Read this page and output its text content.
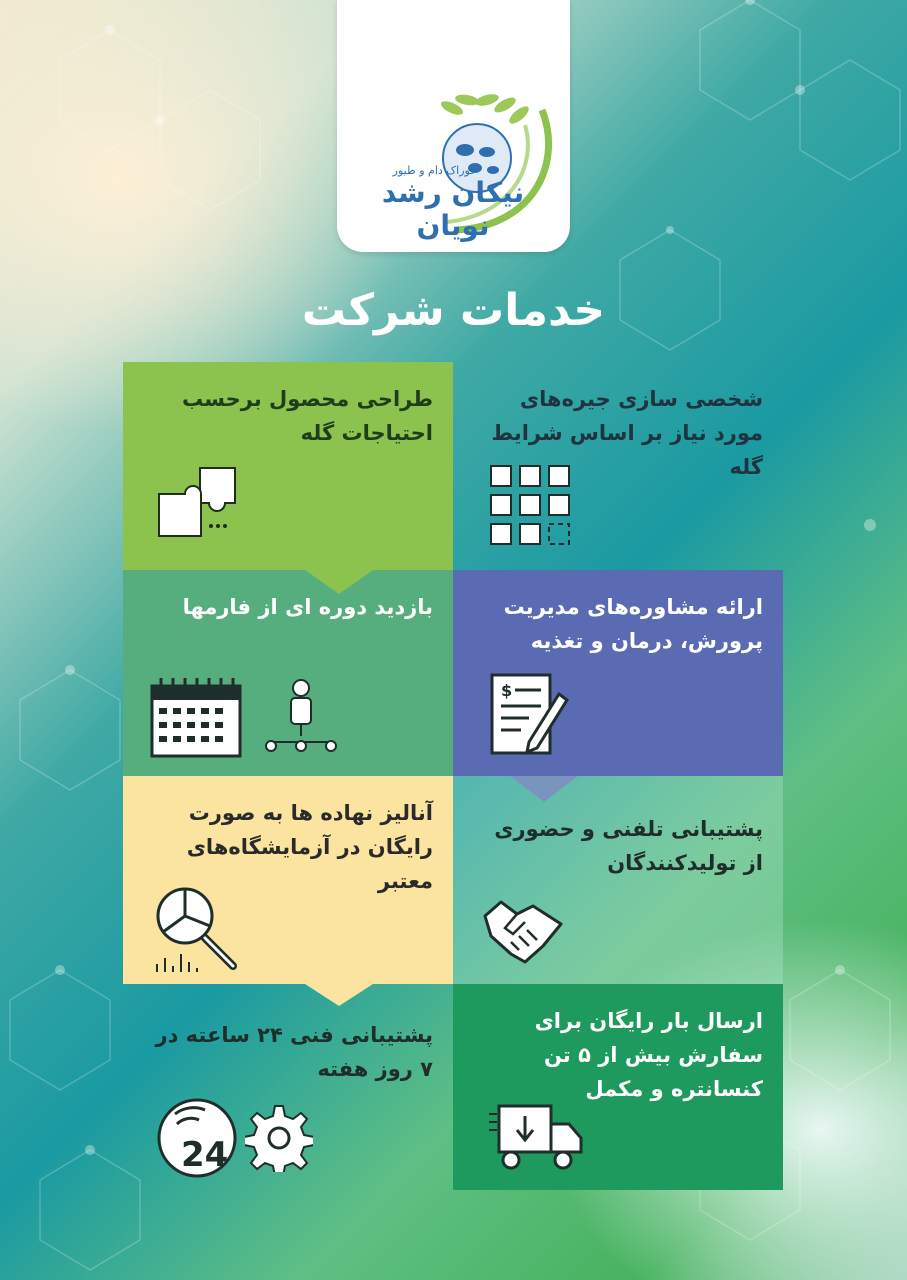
خوراک دام و طیور
نیکان رشد نویان
خدمات شرکت
طراحی محصول برحسب احتیاجات گله
شخصی سازی جیره‌های مورد نیاز بر اساس شرایط گله
بازدید دوره ای از فارمها	ارائه مشاوره‌های مدیریت پرورش، درمان و تغذیه
$
آنالیز نهاده ها به صورت رایگان در آزمایشگاه‌های معتبر
پشتیبانی تلفنی و حضوری از تولیدکنندگان
پشتیبانی فنی ۲۴ ساعته در ۷ روز هفته
24
ارسال بار رایگان برای سفارش بیش از ۵ تن کنسانتره و مکمل
